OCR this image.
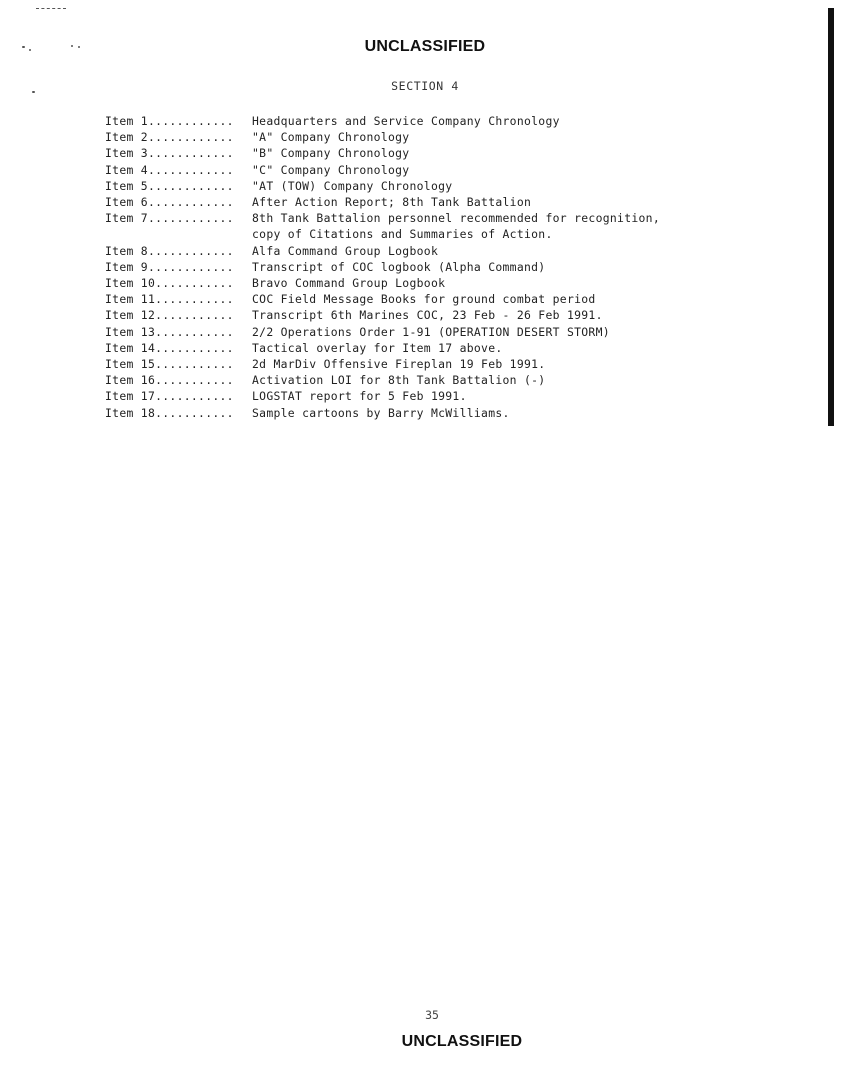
UNCLASSIFIED
SECTION 4
Item 1............	Headquarters and Service Company Chronology
Item 2............	"A" Company Chronology
Item 3............	"B" Company Chronology
Item 4............	"C" Company Chronology
Item 5............	"AT (TOW) Company Chronology
Item 6............	After Action Report; 8th Tank Battalion
Item 7............	8th Tank Battalion personnel recommended for recognition,
copy of Citations and Summaries of Action.
Item 8............	Alfa Command Group Logbook
Item 9............	Transcript of COC logbook (Alpha Command)
Item 10...........	Bravo Command Group Logbook
Item 11...........	COC Field Message Books for ground combat period
Item 12...........	Transcript 6th Marines COC, 23 Feb - 26 Feb 1991.
Item 13...........	2/2 Operations Order 1-91 (OPERATION DESERT STORM)
Item 14...........	Tactical overlay for Item 17 above.
Item 15...........	2d MarDiv Offensive Fireplan 19 Feb 1991.
Item 16...........	Activation LOI for 8th Tank Battalion (-)
Item 17...........	LOGSTAT report for 5 Feb 1991.
Item 18...........	Sample cartoons by Barry McWilliams.
35
UNCLASSIFIED
